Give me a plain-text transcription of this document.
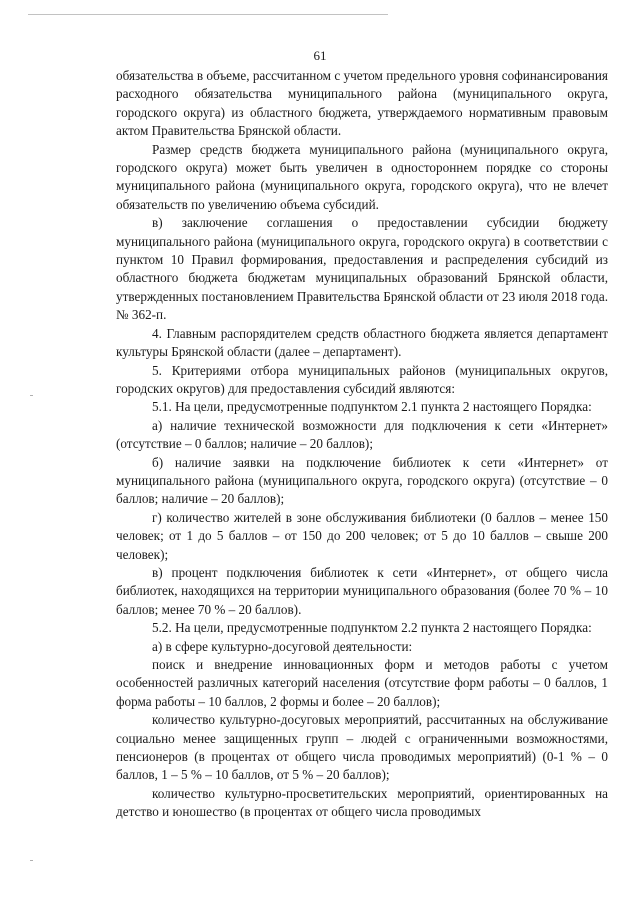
61

обязательства в объеме, рассчитанном с учетом предельного уровня софинансирования расходного обязательства муниципального района (муниципального округа, городского округа) из областного бюджета, утверждаемого нормативным правовым актом Правительства Брянской области.

Размер средств бюджета муниципального района (муниципального округа, городского округа) может быть увеличен в одностороннем порядке со стороны муниципального района (муниципального округа, городского округа), что не влечет обязательств по увеличению объема субсидий.

в) заключение соглашения о предоставлении субсидии бюджету муниципального района (муниципального округа, городского округа) в соответствии с пунктом 10 Правил формирования, предоставления и распределения субсидий из областного бюджета бюджетам муниципальных образований Брянской области, утвержденных постановлением Правительства Брянской области от 23 июля 2018 года. № 362-п.

4. Главным распорядителем средств областного бюджета является департамент культуры Брянской области (далее – департамент).

5. Критериями отбора муниципальных районов (муниципальных округов, городских округов) для предоставления субсидий являются:

5.1. На цели, предусмотренные подпунктом 2.1 пункта 2 настоящего Порядка:

а) наличие технической возможности для подключения к сети «Интернет» (отсутствие – 0 баллов; наличие – 20 баллов);

б) наличие заявки на подключение библиотек к сети «Интернет» от муниципального района (муниципального округа, городского округа) (отсутствие – 0 баллов; наличие – 20 баллов);

г) количество жителей в зоне обслуживания библиотеки (0 баллов – менее 150 человек; от 1 до 5 баллов – от 150 до 200 человек; от 5 до 10 баллов – свыше 200 человек);

в) процент подключения библиотек к сети «Интернет», от общего числа библиотек, находящихся на территории муниципального образования (более 70 % – 10 баллов; менее 70 % – 20 баллов).

5.2. На цели, предусмотренные подпунктом 2.2 пункта 2 настоящего Порядка:

а) в сфере культурно-досуговой деятельности:

поиск и внедрение инновационных форм и методов работы с учетом особенностей различных категорий населения (отсутствие форм работы – 0 баллов, 1 форма работы – 10 баллов, 2 формы и более – 20 баллов);

количество культурно-досуговых мероприятий, рассчитанных на обслуживание социально менее защищенных групп – людей с ограниченными возможностями, пенсионеров (в процентах от общего числа проводимых мероприятий) (0-1 % – 0 баллов, 1 – 5 % – 10 баллов, от 5 % – 20 баллов);

количество культурно-просветительских мероприятий, ориентированных на детство и юношество (в процентах от общего числа проводимых
